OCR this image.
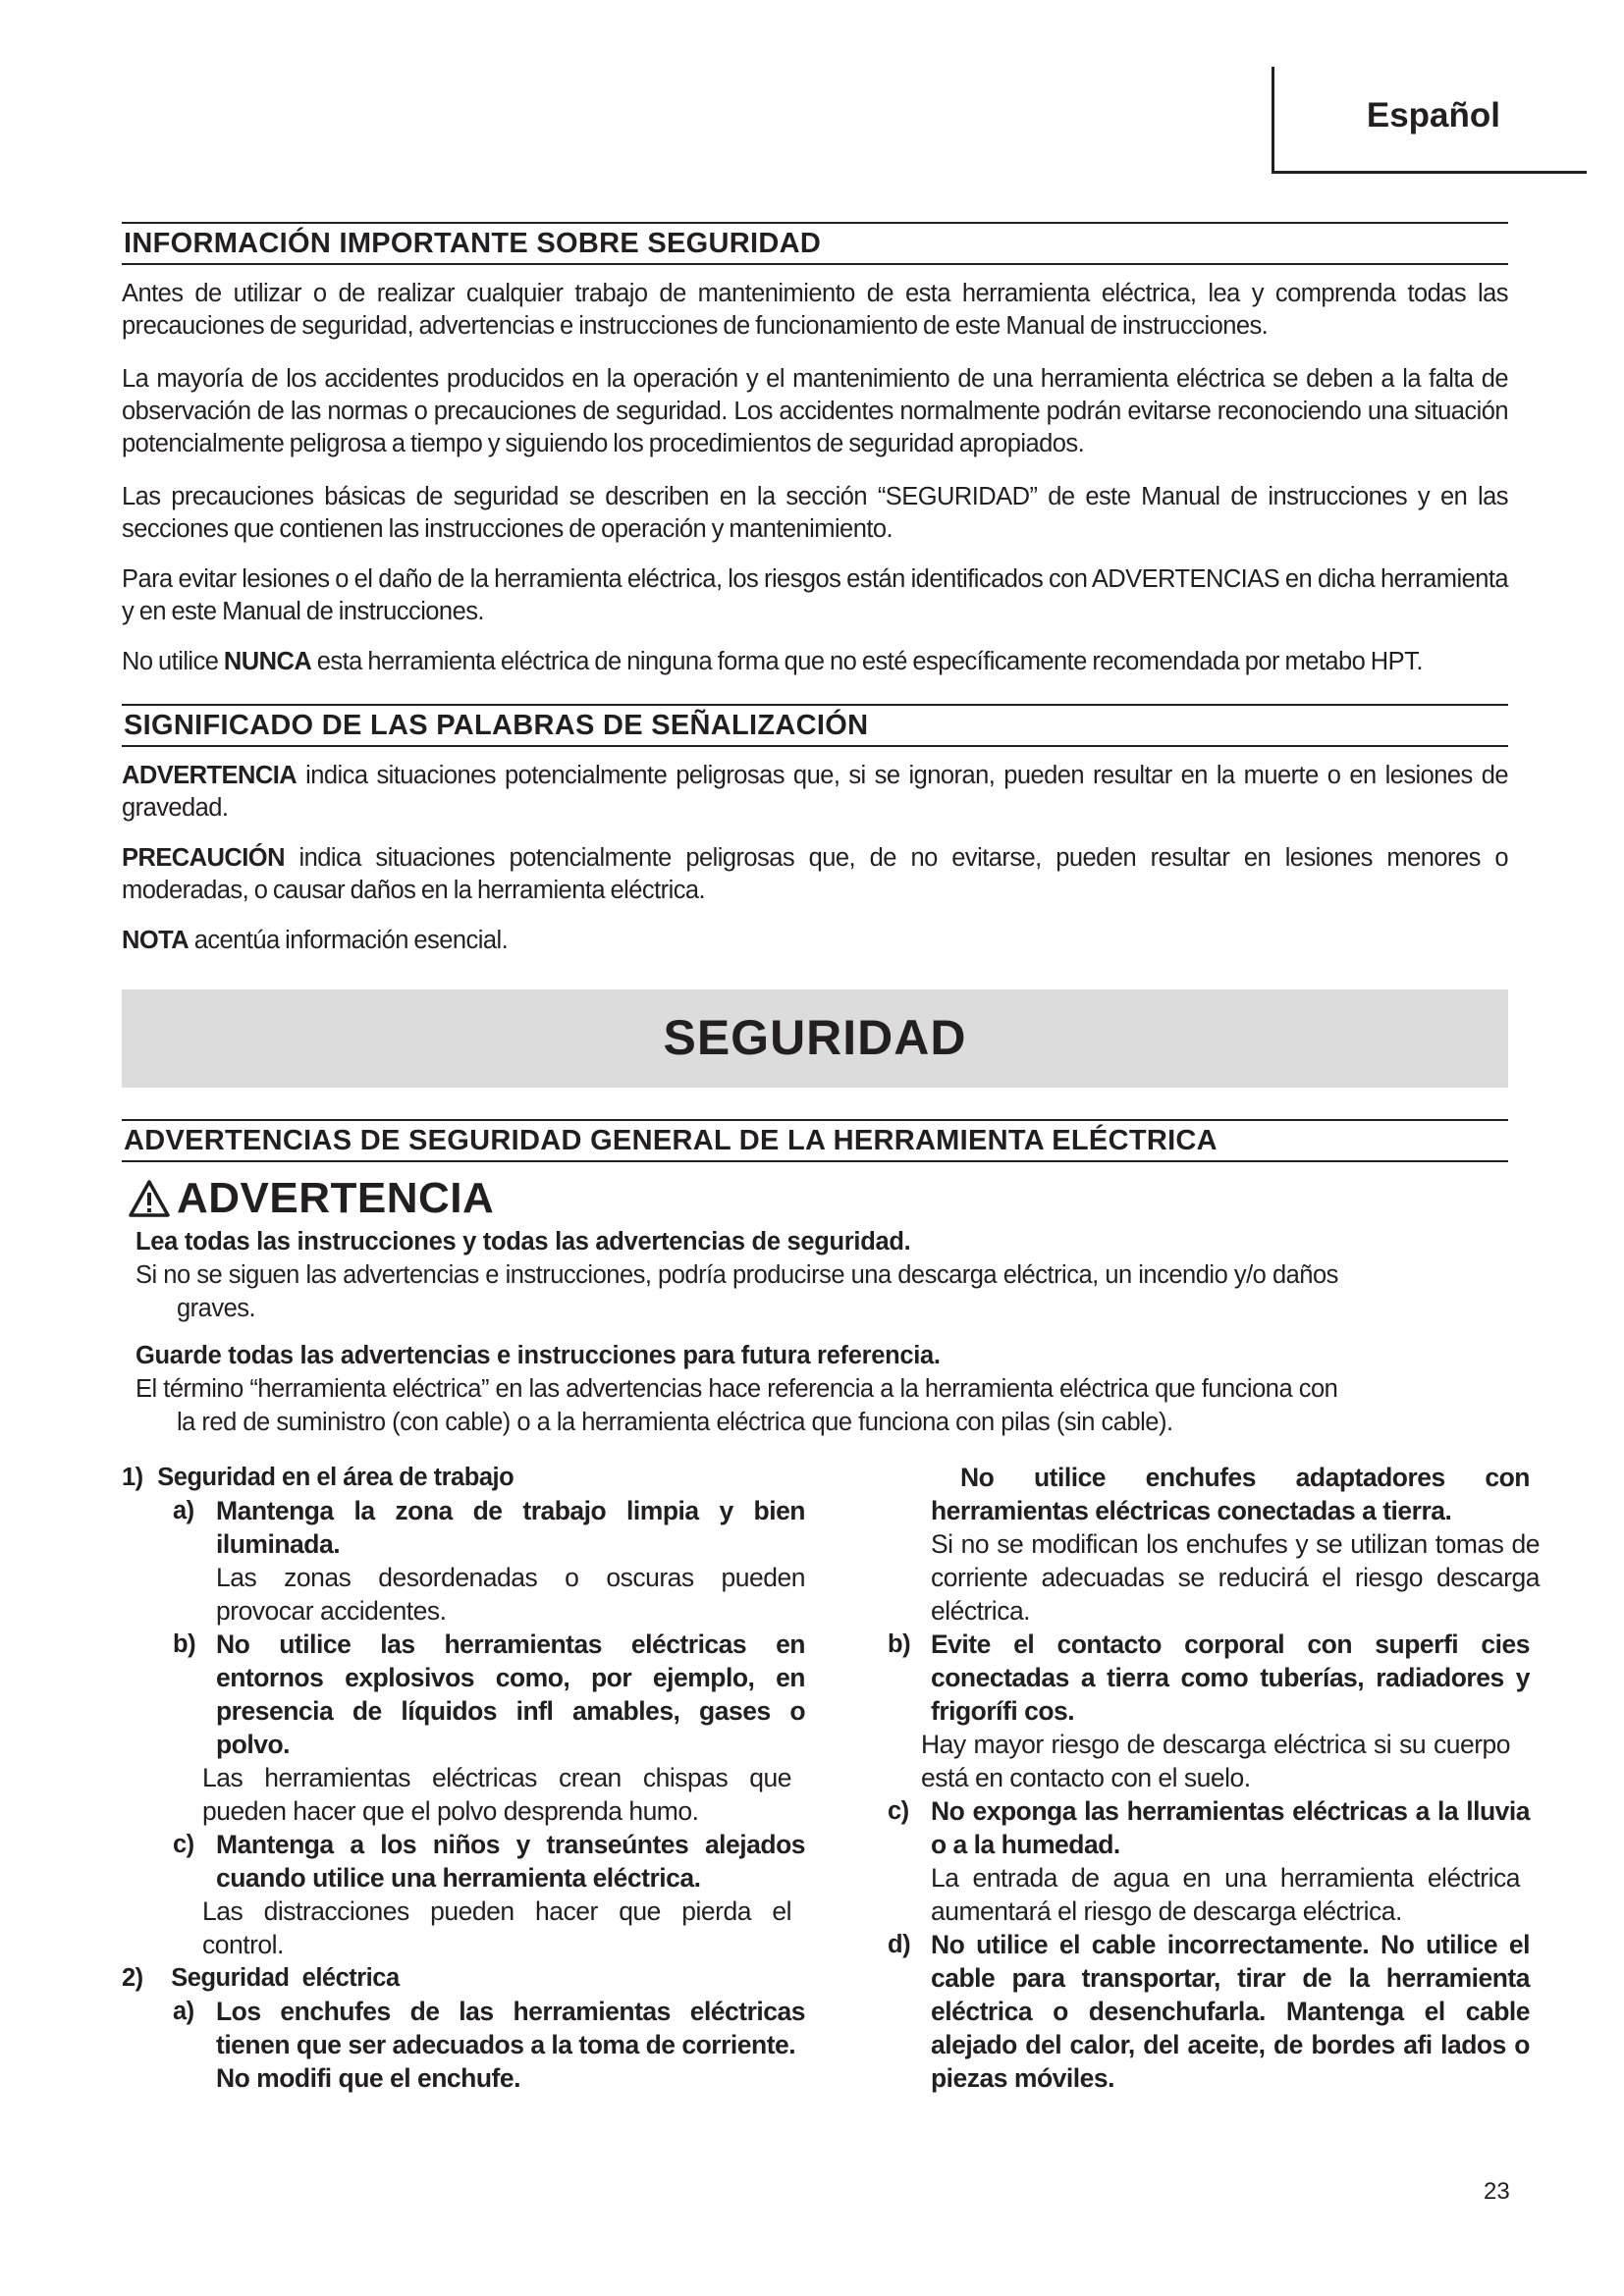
Español
INFORMACIÓN IMPORTANTE SOBRE SEGURIDAD
Antes de utilizar o de realizar cualquier trabajo de mantenimiento de esta herramienta eléctrica, lea y comprenda todas las precauciones de seguridad, advertencias e instrucciones de funcionamiento de este Manual de instrucciones.
La mayoría de los accidentes producidos en la operación y el mantenimiento de una herramienta eléctrica se deben a la falta de observación de las normas o precauciones de seguridad. Los accidentes normalmente podrán evitarse reconociendo una situación potencialmente peligrosa a tiempo y siguiendo los procedimientos de seguridad apropiados.
Las precauciones básicas de seguridad se describen en la sección “SEGURIDAD” de este Manual de instrucciones y en las secciones que contienen las instrucciones de operación y mantenimiento.
Para evitar lesiones o el daño de la herramienta eléctrica, los riesgos están identificados con ADVERTENCIAS en dicha herramienta y en este Manual de instrucciones.
No utilice NUNCA esta herramienta eléctrica de ninguna forma que no esté específicamente recomendada por metabo HPT.
SIGNIFICADO DE LAS PALABRAS DE SEÑALIZACIÓN
ADVERTENCIA indica situaciones potencialmente peligrosas que, si se ignoran, pueden resultar en la muerte o en lesiones de gravedad.
PRECAUCIÓN indica situaciones potencialmente peligrosas que, de no evitarse, pueden resultar en lesiones menores o moderadas, o causar daños en la herramienta eléctrica.
NOTA acentúa información esencial.
SEGURIDAD
ADVERTENCIAS DE SEGURIDAD GENERAL DE LA HERRAMIENTA ELÉCTRICA
ADVERTENCIA
Lea todas las instrucciones y todas las advertencias de seguridad.
Si no se siguen las advertencias e instrucciones, podría producirse una descarga eléctrica, un incendio y/o daños
graves.
Guarde todas las advertencias e instrucciones para futura referencia.
El término “herramienta eléctrica” en las advertencias hace referencia a la herramienta eléctrica que funciona con
la red de suministro (con cable) o a la herramienta eléctrica que funciona con pilas (sin cable).
1) Seguridad en el área de trabajo
a) Mantenga la zona de trabajo limpia y bien iluminada.
Las zonas desordenadas o oscuras pueden provocar accidentes.
b) No utilice las herramientas eléctricas en entornos explosivos como, por ejemplo, en presencia de líquidos infl amables, gases o polvo.
Las herramientas eléctricas crean chispas que pueden hacer que el polvo desprenda humo.
c) Mantenga a los niños y transeúntes alejados cuando utilice una herramienta eléctrica.
Las distracciones pueden hacer que pierda el control.
2) Seguridad  eléctrica
a) Los enchufes de las herramientas eléctricas tienen que ser adecuados a la toma de corriente.
No modifi que el enchufe.
No utilice enchufes adaptadores con herramientas eléctricas conectadas a tierra.
Si no se modifican los enchufes y se utilizan tomas de corriente adecuadas se reducirá el riesgo descarga eléctrica.
b) Evite el contacto corporal con superfi cies conectadas a tierra como tuberías, radiadores y frigorífi cos.
Hay mayor riesgo de descarga eléctrica si su cuerpo está en contacto con el suelo.
c) No exponga las herramientas eléctricas a la lluvia o a la humedad.
La entrada de agua en una herramienta eléctrica aumentará el riesgo de descarga eléctrica.
d) No utilice el cable incorrectamente. No utilice el cable para transportar, tirar de la herramienta eléctrica o desenchufarla. Mantenga el cable alejado del calor, del aceite, de bordes afi lados o piezas móviles.
23
